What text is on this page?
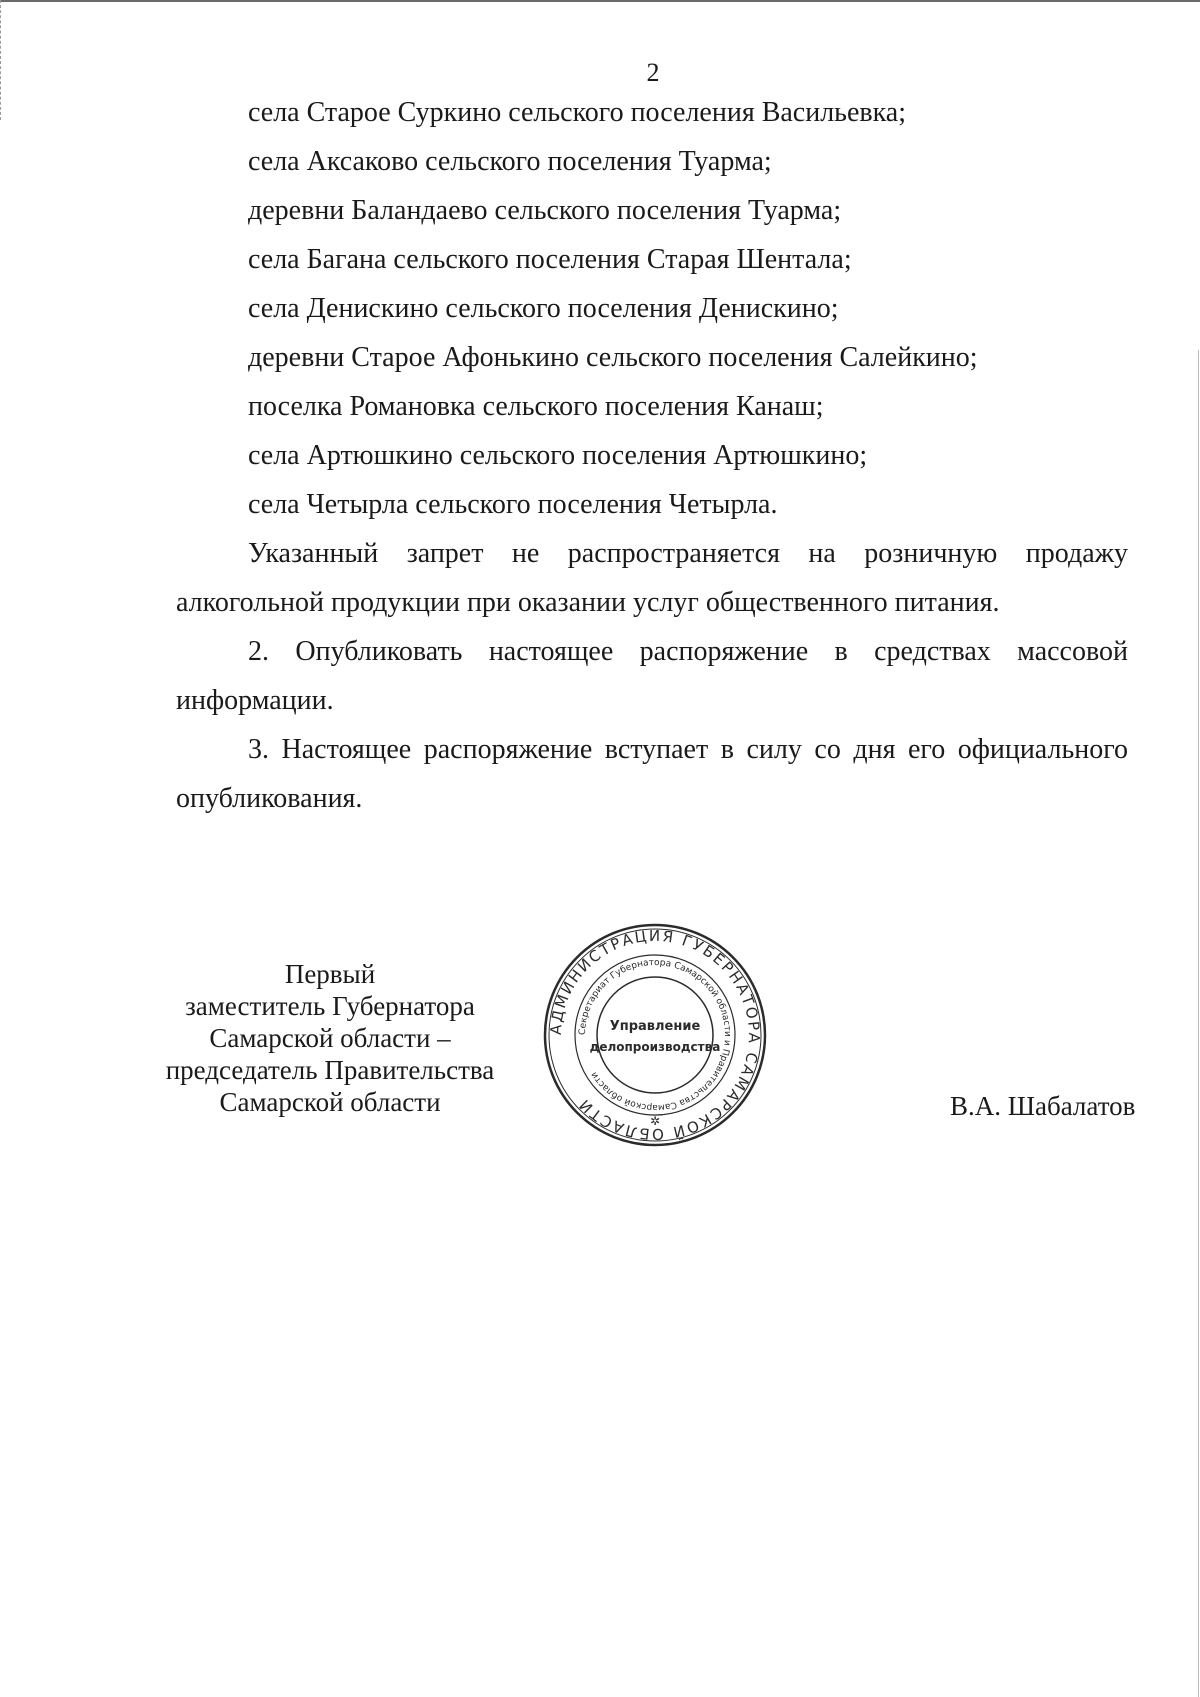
2
села Старое Суркино сельского поселения Васильевка;
села Аксаково сельского поселения Туарма;
деревни Баландаево сельского поселения Туарма;
села Багана сельского поселения Старая Шентала;
села Денискино сельского поселения Денискино;
деревни Старое Афонькино сельского поселения Салейкино;
поселка Романовка сельского поселения Канаш;
села Артюшкино сельского поселения Артюшкино;
села Четырла сельского поселения Четырла.

Указанный запрет не распространяется на розничную продажу алкогольной продукции при оказании услуг общественного питания.

2. Опубликовать настоящее распоряжение в средствах массовой информации.

3. Настоящее распоряжение вступает в силу со дня его официального опубликования.

Первый
заместитель Губернатора
Самарской области –
председатель Правительства
Самарской области
АДМИНИСТРАЦИЯ ГУБЕРНАТОРА САМАРСКОЙ ОБЛАСТИ
Секретариат Губернатора Самарской области и Правительства Самарской области
Управление
делопроизводства
✲	В.А. Шабалатов
